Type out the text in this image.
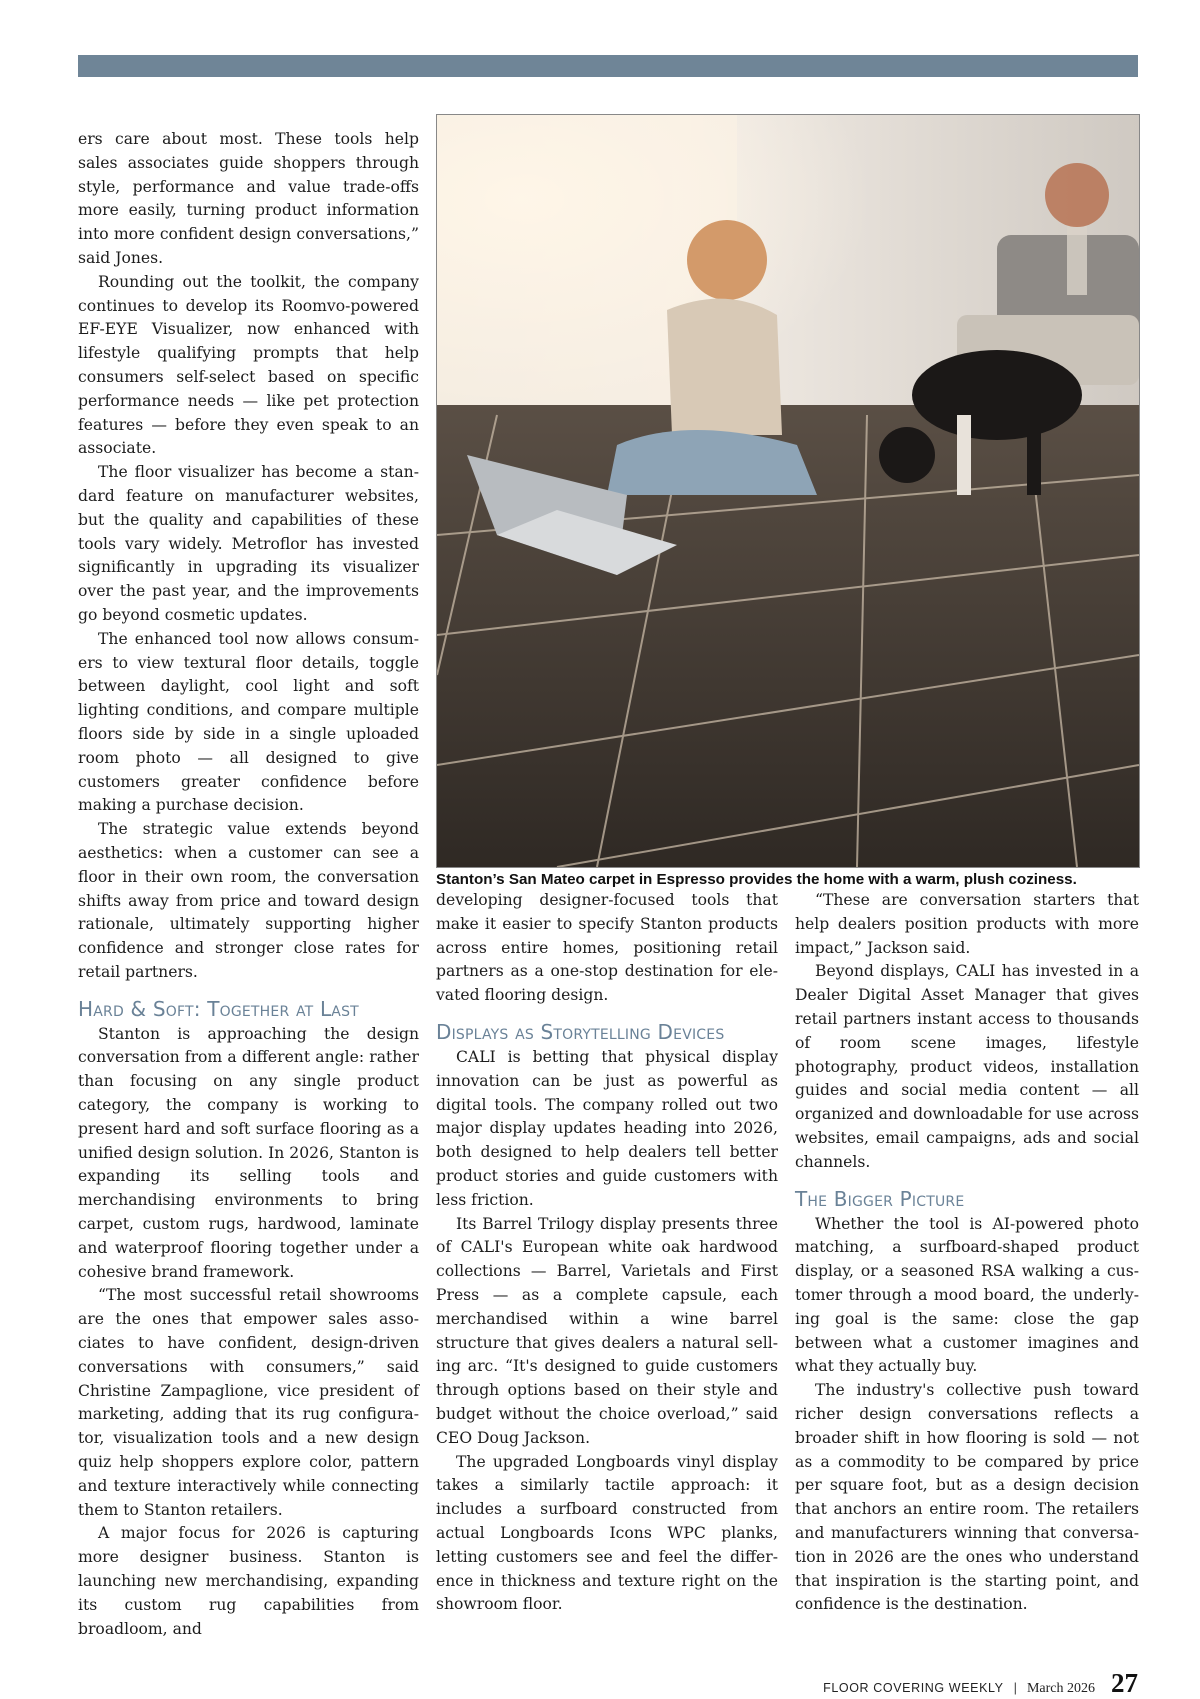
ers care about most. These tools help sales associates guide shoppers through style, performance and value trade-offs more easily, turning product information into more confident design conversations,” said Jones.

Rounding out the toolkit, the company continues to develop its Roomvo-powered EF-EYE Visualizer, now enhanced with lifestyle qualifying prompts that help consumers self-select based on specific performance needs — like pet protection features — before they even speak to an associate.

The floor visualizer has become a standard feature on manufacturer websites, but the quality and capabilities of these tools vary widely. Metroflor has invested significantly in upgrading its visualizer over the past year, and the improvements go beyond cosmetic updates.

The enhanced tool now allows consumers to view textural floor details, toggle between daylight, cool light and soft lighting conditions, and compare multiple floors side by side in a single uploaded room photo — all designed to give customers greater confidence before making a purchase decision.

The strategic value extends beyond aesthetics: when a customer can see a floor in their own room, the conversation shifts away from price and toward design rationale, ultimately supporting higher confidence and stronger close rates for retail partners.

Hard & Soft: Together at Last

Stanton is approaching the design conversation from a different angle: rather than focusing on any single product category, the company is working to present hard and soft surface flooring as a unified design solution. In 2026, Stanton is expanding its selling tools and merchandising environments to bring carpet, custom rugs, hardwood, laminate and waterproof flooring together under a cohesive brand framework.

“The most successful retail showrooms are the ones that empower sales associates to have confident, design-driven conversations with consumers,” said Christine Zampaglione, vice president of marketing, adding that its rug configurator, visualization tools and a new design quiz help shoppers explore color, pattern and texture interactively while connecting them to Stanton retailers.

A major focus for 2026 is capturing more designer business. Stanton is launching new merchandising, expanding its custom rug capabilities from broadloom, and

Stanton’s San Mateo carpet in Espresso provides the home with a warm, plush coziness.

developing designer-focused tools that make it easier to specify Stanton products across entire homes, positioning retail partners as a one-stop destination for elevated flooring design.

Displays as Storytelling Devices

CALI is betting that physical display innovation can be just as powerful as digital tools. The company rolled out two major display updates heading into 2026, both designed to help dealers tell better product stories and guide customers with less friction.

Its Barrel Trilogy display presents three of CALI's European white oak hardwood collections — Barrel, Varietals and First Press — as a complete capsule, each merchandised within a wine barrel structure that gives dealers a natural selling arc. “It's designed to guide customers through options based on their style and budget without the choice overload,” said CEO Doug Jackson.

The upgraded Longboards vinyl display takes a similarly tactile approach: it includes a surfboard constructed from actual Longboards Icons WPC planks, letting customers see and feel the difference in thickness and texture right on the showroom floor.

“These are conversation starters that help dealers position products with more impact,” Jackson said.

Beyond displays, CALI has invested in a Dealer Digital Asset Manager that gives retail partners instant access to thousands of room scene images, lifestyle photography, product videos, installation guides and social media content — all organized and downloadable for use across websites, email campaigns, ads and social channels.

The Bigger Picture

Whether the tool is AI-powered photo matching, a surfboard-shaped product display, or a seasoned RSA walking a customer through a mood board, the underlying goal is the same: close the gap between what a customer imagines and what they actually buy.

The industry's collective push toward richer design conversations reflects a broader shift in how flooring is sold — not as a commodity to be compared by price per square foot, but as a design decision that anchors an entire room. The retailers and manufacturers winning that conversation in 2026 are the ones who understand that inspiration is the starting point, and confidence is the destination.

FLOOR COVERING WEEKLY | March 2026 27
